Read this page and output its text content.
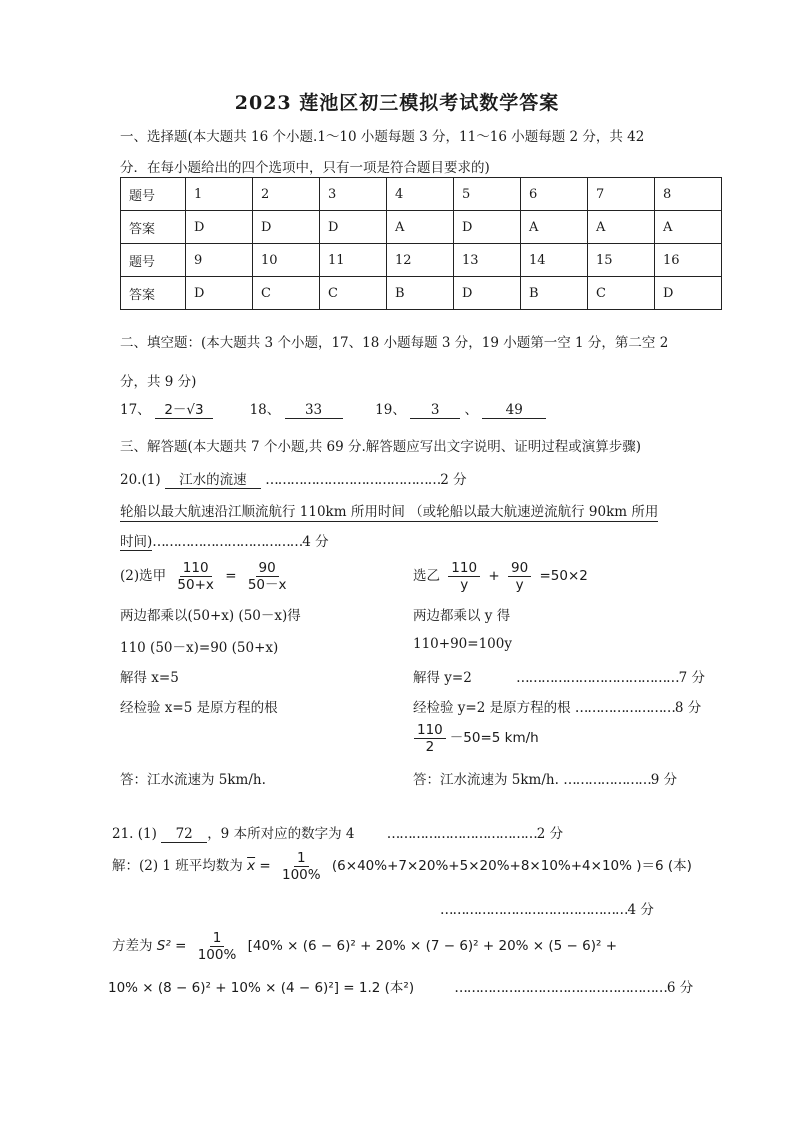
2023 莲池区初三模拟考试数学答案
一、选择题(本大题共 16 个小题.1～10 小题每题 3 分，11～16 小题每题 2 分，共 42
分．在每小题给出的四个选项中，只有一项是符合题目要求的)
题号	1	2	3	4	5	6	7	8
答案	D	D	D	A	D	A	A	A
题号	9	10	11	12	13	14	15	16
答案	D	C	C	B	D	B	C	D
二、填空题：(本大题共 3 个小题，17、18 小题每题 3 分，19 小题第一空 1 分，第二空 2
分，共 9 分)
17、 2－√3	18、 33	19、 3 、 49
三、解答题(本大题共 7 个小题,共 69 分.解答题应写出文字说明、证明过程或演算步骤)
20.(1) 江水的流速 ……………………………………2 分
轮船以最大航速沿江顺流航行 110km 所用时间 （或轮船以最大航速逆流航行 90km 所用
时间)………………………………4 分
(2)选甲 $\frac{110}{50+x} = \frac{90}{50-x}$
两边都乘以(50+x) (50－x)得
110 (50－x)=90 (50+x)
解得 x=5
经检验 x=5 是原方程的根
答：江水流速为 5km/h.
选乙 $\frac{110}{y} + \frac{90}{y} =50\times 2$
两边都乘以 y 得
110+90=100y
解得 y=2	…………………………………7 分
经检验 y=2 是原方程的根 ……………………8 分
$\frac{110}{2} -50=5$ km/h
答：江水流速为 5km/h. …………………9 分
21. (1) 72 ，9 本所对应的数字为 4 ………………………………2 分
解：(2) 1 班平均数为 $\overline{x} = \frac{1}{100\%} (6\times 40\%+7\times 20\%+5\times 20\%+8\times 10\%+4\times 10\%$ )＝6 (本)
………………………………………4 分
方差为 $S^2 = \frac{1}{100\%} [40\% \times (6 - 6)^2 + 20\% \times (7 - 6)^2 + 20\% \times (5 - 6)^2$ +
10% × (8 − 6)² + 10% × (4 − 6)²] = 1.2 (本²)	……………………………………………6 分
